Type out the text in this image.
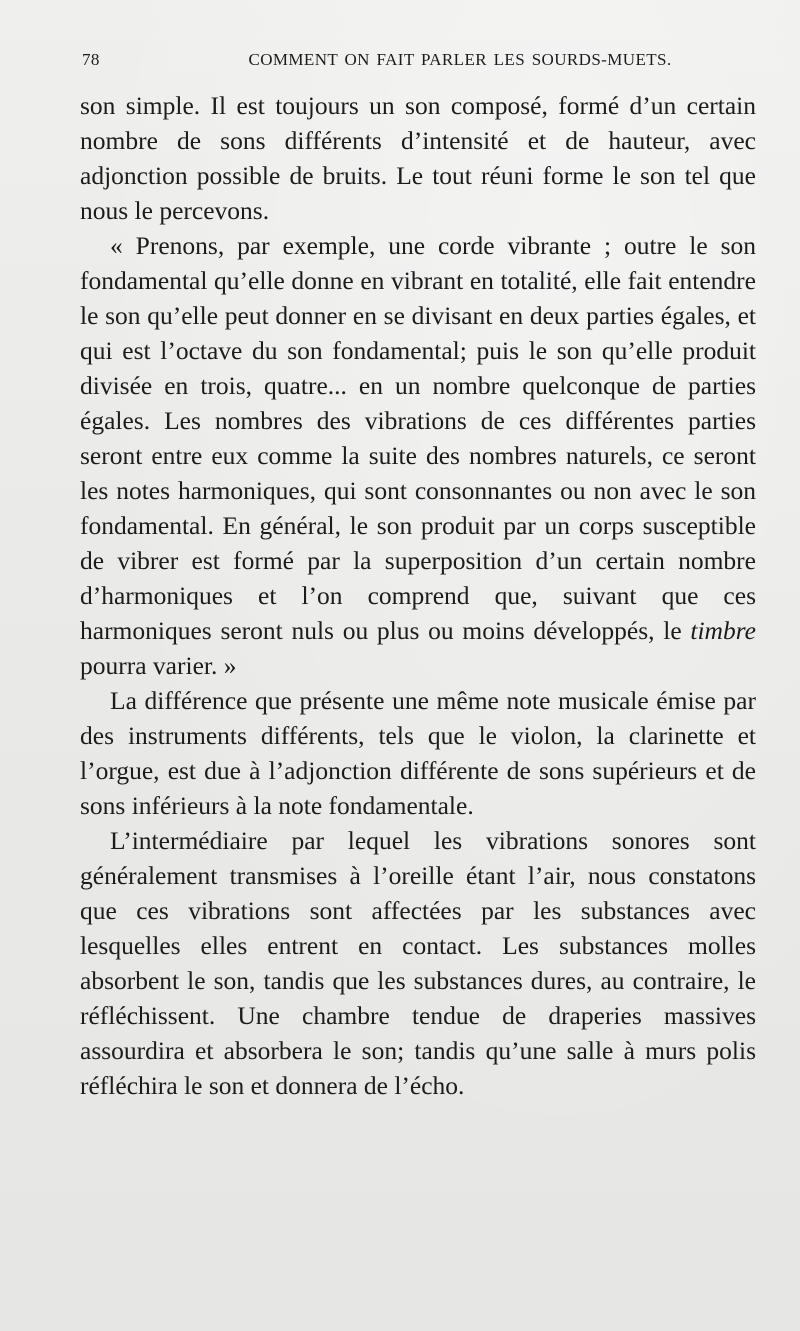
78	COMMENT ON FAIT PARLER LES SOURDS-MUETS.

son simple. Il est toujours un son composé, formé d’un certain nombre de sons différents d’intensité et de hauteur, avec adjonction possible de bruits. Le tout réuni forme le son tel que nous le percevons.

« Prenons, par exemple, une corde vibrante ; outre le son fondamental qu’elle donne en vibrant en totalité, elle fait entendre le son qu’elle peut donner en se divisant en deux parties égales, et qui est l’octave du son fondamental; puis le son qu’elle produit divisée en trois, quatre... en un nombre quelconque de parties égales. Les nombres des vibrations de ces différentes parties seront entre eux comme la suite des nombres naturels, ce seront les notes harmoniques, qui sont consonnantes ou non avec le son fondamental. En général, le son produit par un corps susceptible de vibrer est formé par la superposition d’un certain nombre d’harmoniques et l’on comprend que, suivant que ces harmoniques seront nuls ou plus ou moins développés, le timbre pourra varier. »

La différence que présente une même note musicale émise par des instruments différents, tels que le violon, la clarinette et l’orgue, est due à l’adjonction différente de sons supérieurs et de sons inférieurs à la note fondamentale.

L’intermédiaire par lequel les vibrations sonores sont généralement transmises à l’oreille étant l’air, nous constatons que ces vibrations sont affectées par les substances avec lesquelles elles entrent en contact. Les substances molles absorbent le son, tandis que les substances dures, au contraire, le réfléchissent. Une chambre tendue de draperies massives assourdira et absorbera le son; tandis qu’une salle à murs polis réfléchira le son et donnera de l’écho.
